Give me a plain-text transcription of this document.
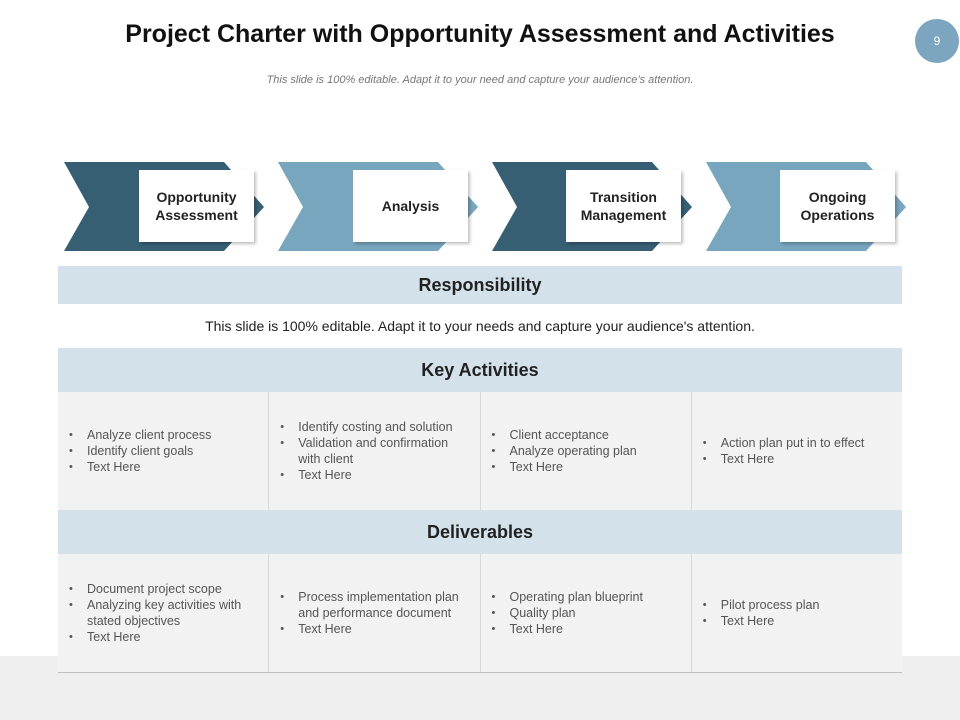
Project Charter with Opportunity Assessment and Activities
This slide is 100% editable. Adapt it to your need and capture your audience’s attention.
9
Opportunity Assessment
Analysis
Transition Management
Ongoing Operations
Responsibility
This slide is 100% editable. Adapt it to your needs and capture your audience's attention.
Key Activities
• Analyze client process
• Identify client goals
• Text Here
• Identify costing and solution
• Validation and confirmation with client
• Text Here
• Client acceptance
• Analyze operating plan
• Text Here
• Action plan put in to effect
• Text Here
Deliverables
• Document project scope
• Analyzing key activities with stated objectives
• Text Here
• Process implementation plan and performance document
• Text Here
• Operating plan blueprint
• Quality plan
• Text Here
• Pilot process plan
• Text Here
